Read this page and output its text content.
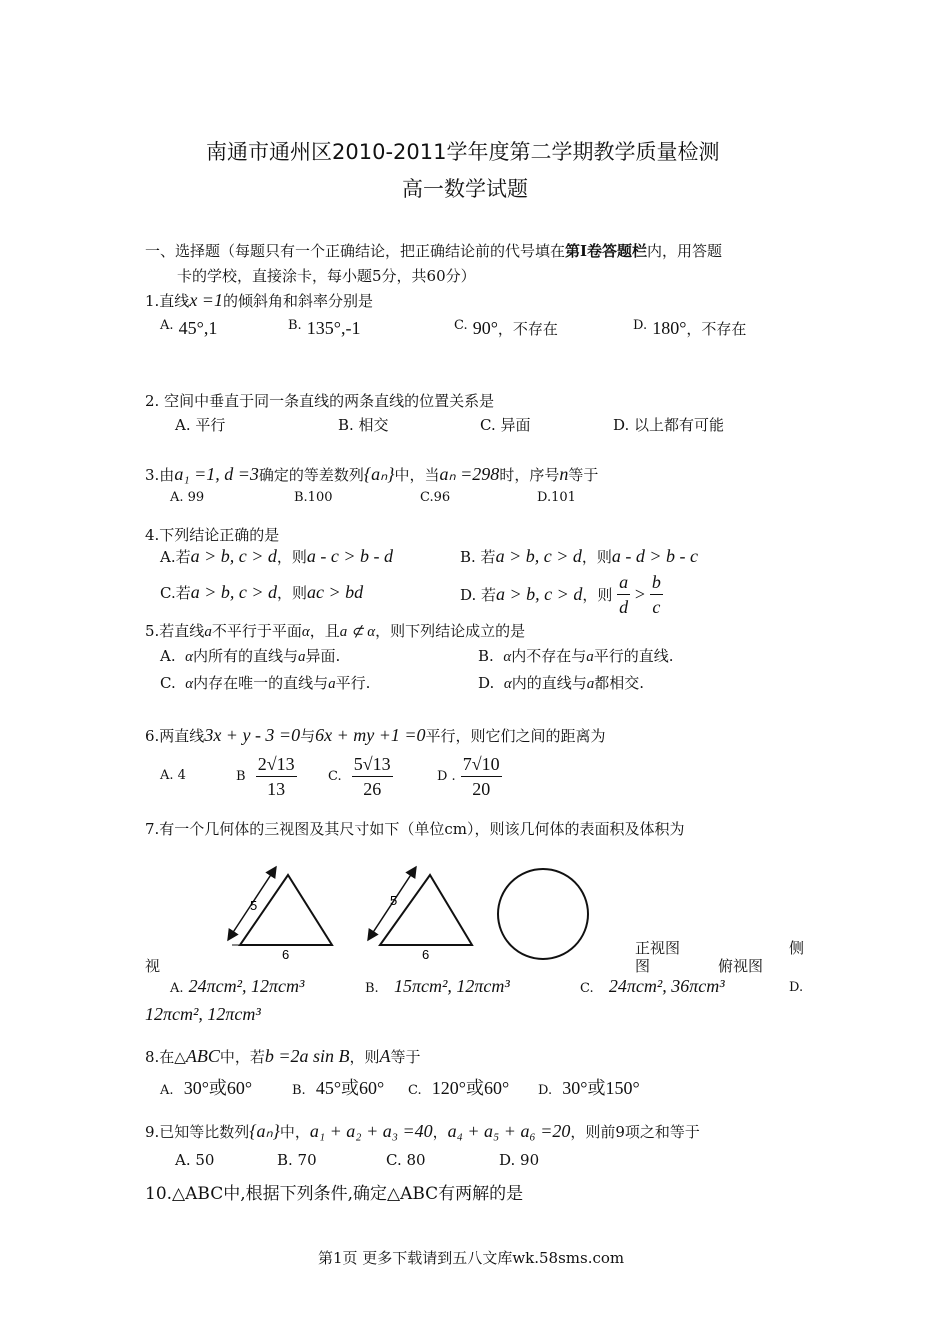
南通市通州区2010-2011学年度第二学期教学质量检测
高一数学试题
一、选择题（每题只有一个正确结论，把正确结论前的代号填在第Ⅰ卷答题栏内，用答题
卡的学校，直接涂卡，每小题5分，共60分）
1.直线x =1的倾斜角和斜率分别是
$^{A.}$ 45°,1	$^{B.}$ 135°,-1	$^{C.}$ 90°，不存在	$^{D.}$ 180°，不存在
2. 空间中垂直于同一条直线的两条直线的位置关系是
A. 平行	B. 相交	C. 异面	D. 以上都有可能
3.由a₁ =1, d =3确定的等差数列{aₙ}中，当aₙ =298时，序号n等于
A. 99	B.100	C.96	D.101
4.下列结论正确的是
A.若a > b, c > d，则a - c > b - d	B. 若a > b, c > d，则a - d > b - c
C.若a > b, c > d，则ac > bd	D. 若a > b, c > d，则 $\frac{a}{d} > \frac{b}{c}$
5.若直线a不平行于平面α，且a ⊄ α，则下列结论成立的是
A. α内所有的直线与a异面.	B. α内不存在与a平行的直线.
C. α内存在唯一的直线与a平行.	D. α内的直线与a都相交.
6.两直线3x + y - 3 =0与6x + my +1 =0平行，则它们之间的距离为
A. 4	B $\frac{2√13}{13} C$. $\frac{5√13}{26}$	D . $\frac{7√10}{20}$
7.有一个几何体的三视图及其尺寸如下（单位cm），则该几何体的表面积及体积为
5
6
5
6
视
正视图
图
侧
俯视图
A. 24πcm², 12πcm³	B. 15πcm², 12πcm³	C. 24πcm², 36πcm³	D.
12πcm², 12πcm³
8.在△ABC中，若b =2a sin B，则A等于
A. 30°或60°	B. 45°或60° C. 120°或60° D. 30°或150°
9.已知等比数列{aₙ}中，a₁ + a₂ + a₃ =40，a₄ + a₅ + a₆ =20，则前9项之和等于
A. 50	B. 70	C. 80	D. 90
10.△ABC中,根据下列条件,确定△ABC有两解的是
第1页 更多下载请到五八文库wk.58sms.com
